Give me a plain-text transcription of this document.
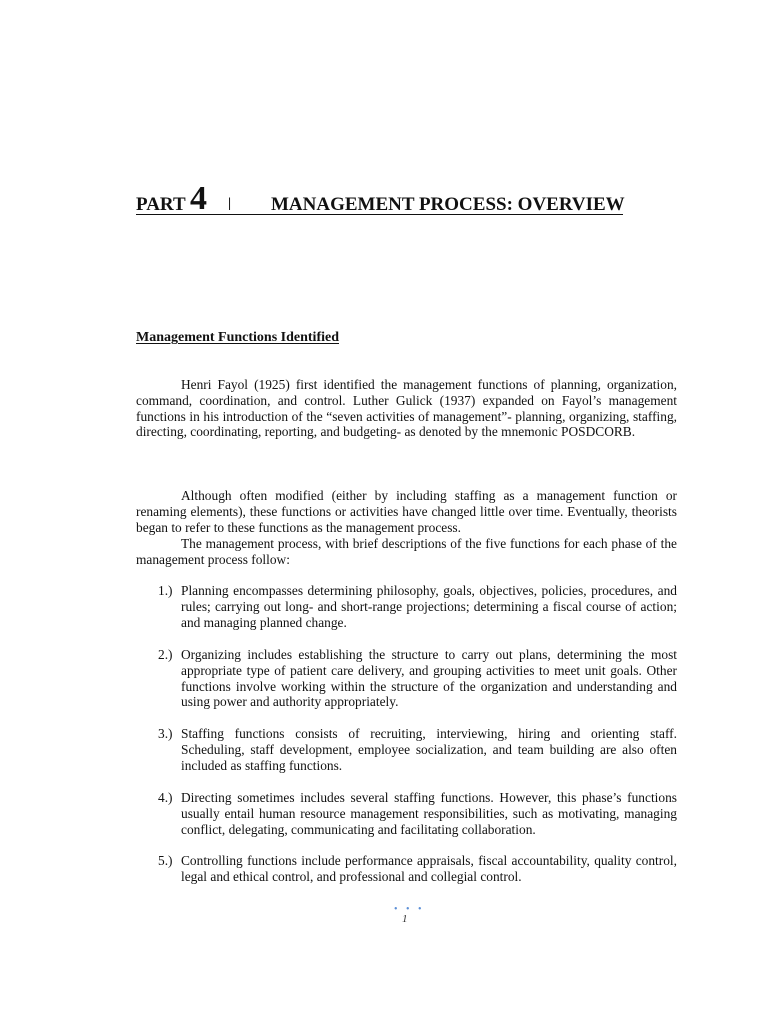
PART 4 | MANAGEMENT PROCESS: OVERVIEW
Management Functions Identified

Henri Fayol (1925) first identified the management functions of planning, organization, command, coordination, and control. Luther Gulick (1937) expanded on Fayol’s management functions in his introduction of the “seven activities of management”- planning, organizing, staffing, directing, coordinating, reporting, and budgeting- as denoted by the mnemonic POSDCORB.

Although often modified (either by including staffing as a management function or renaming elements), these functions or activities have changed little over time. Eventually, theorists began to refer to these functions as the management process.

The management process, with brief descriptions of the five functions for each phase of the management process follow:

1.) Planning encompasses determining philosophy, goals, objectives, policies, procedures, and rules; carrying out long- and short-range projections; determining a fiscal course of action; and managing planned change.
2.) Organizing includes establishing the structure to carry out plans, determining the most appropriate type of patient care delivery, and grouping activities to meet unit goals. Other functions involve working within the structure of the organization and understanding and using power and authority appropriately.
3.) Staffing functions consists of recruiting, interviewing, hiring and orienting staff. Scheduling, staff development, employee socialization, and team building are also often included as staffing functions.
4.) Directing sometimes includes several staffing functions. However, this phase’s functions usually entail human resource management responsibilities, such as motivating, managing conflict, delegating, communicating and facilitating collaboration.
5.) Controlling functions include performance appraisals, fiscal accountability, quality control, legal and ethical control, and professional and collegial control.
• • •
1
